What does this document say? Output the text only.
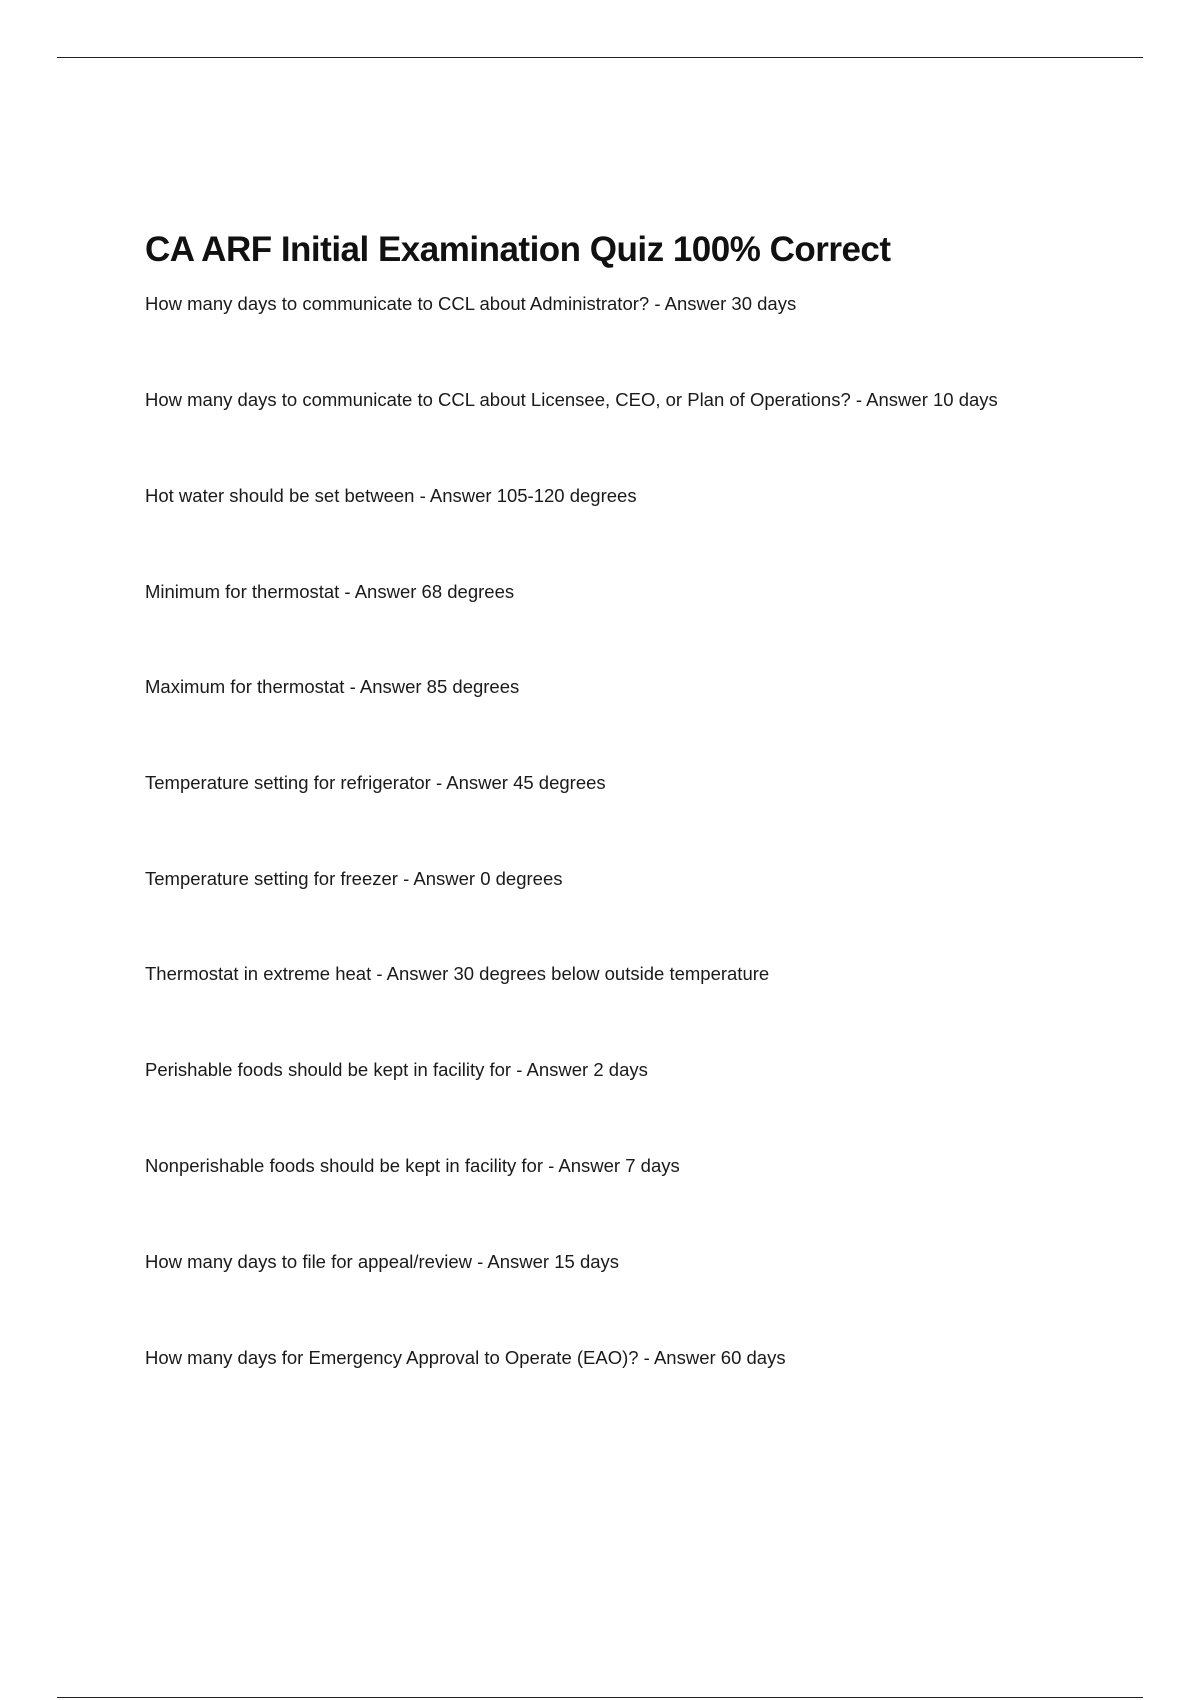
CA ARF Initial Examination Quiz 100% Correct
How many days to communicate to CCL about Administrator? - Answer 30 days
How many days to communicate to CCL about Licensee, CEO, or Plan of Operations? - Answer 10 days
Hot water should be set between - Answer 105-120 degrees
Minimum for thermostat - Answer 68 degrees
Maximum for thermostat - Answer 85 degrees
Temperature setting for refrigerator - Answer 45 degrees
Temperature setting for freezer - Answer 0 degrees
Thermostat in extreme heat - Answer 30 degrees below outside temperature
Perishable foods should be kept in facility for - Answer 2 days
Nonperishable foods should be kept in facility for - Answer 7 days
How many days to file for appeal/review - Answer 15 days
How many days for Emergency Approval to Operate (EAO)? - Answer 60 days
